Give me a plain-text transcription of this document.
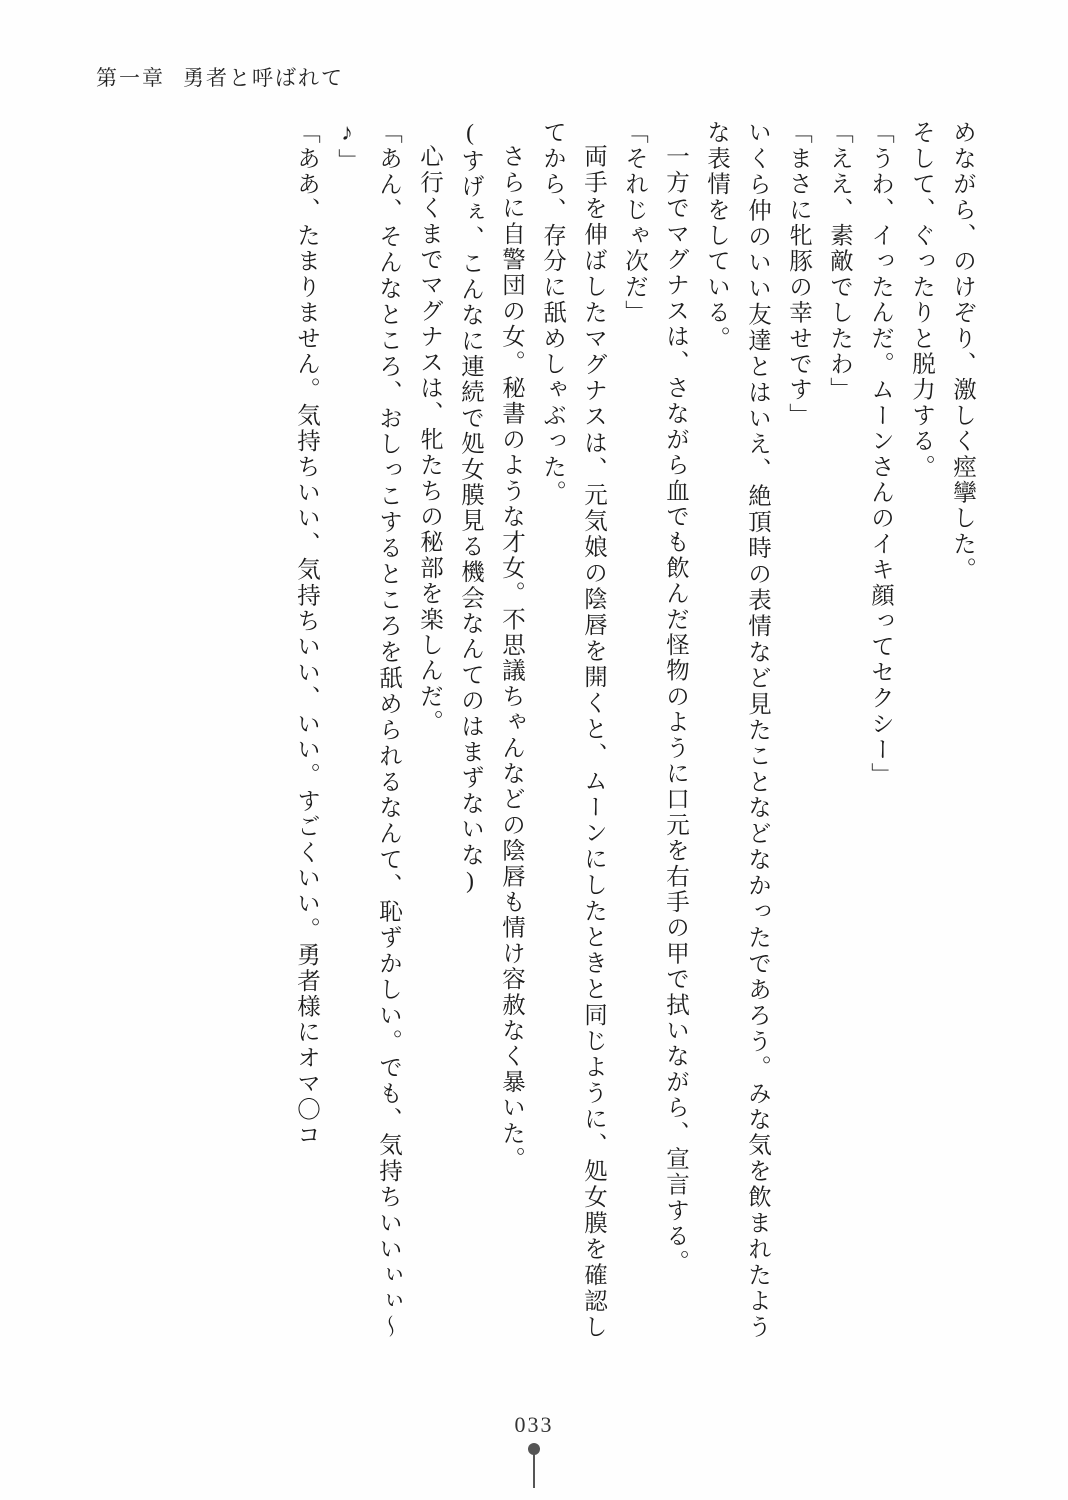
第一章 勇者と呼ばれて

めながら、のけぞり、激しく痙攣した。

そして、ぐったりと脱力する。

「うわ、イったんだ。ムーンさんのイキ顔ってセクシー」

「ええ、素敵でしたわ」

「まさに牝豚の幸せです」

いくら仲のいい友達とはいえ、絶頂時の表情など見たことなどなかったであろう。みな気を飲まれたような表情をしている。

一方でマグナスは、さながら血でも飲んだ怪物のように口元を右手の甲で拭いながら、宣言する。

「それじゃ次だ」

両手を伸ばしたマグナスは、元気娘の陰唇を開くと、ムーンにしたときと同じように、処女膜を確認してから、存分に舐めしゃぶった。

さらに自警団の女。秘書のような才女。不思議ちゃんなどの陰唇も情け容赦なく暴いた。

(すげぇ、こんなに連続で処女膜見る機会なんてのはまずないな)

心行くまでマグナスは、牝たちの秘部を楽しんだ。

「あん、そんなところ、おしっこするところを舐められるなんて、恥ずかしい。でも、気持ちいいぃぃ～♪」

「ああ、たまりません。気持ちいい、気持ちいい、いい。すごくいい。勇者様にオマ〇コ

033
